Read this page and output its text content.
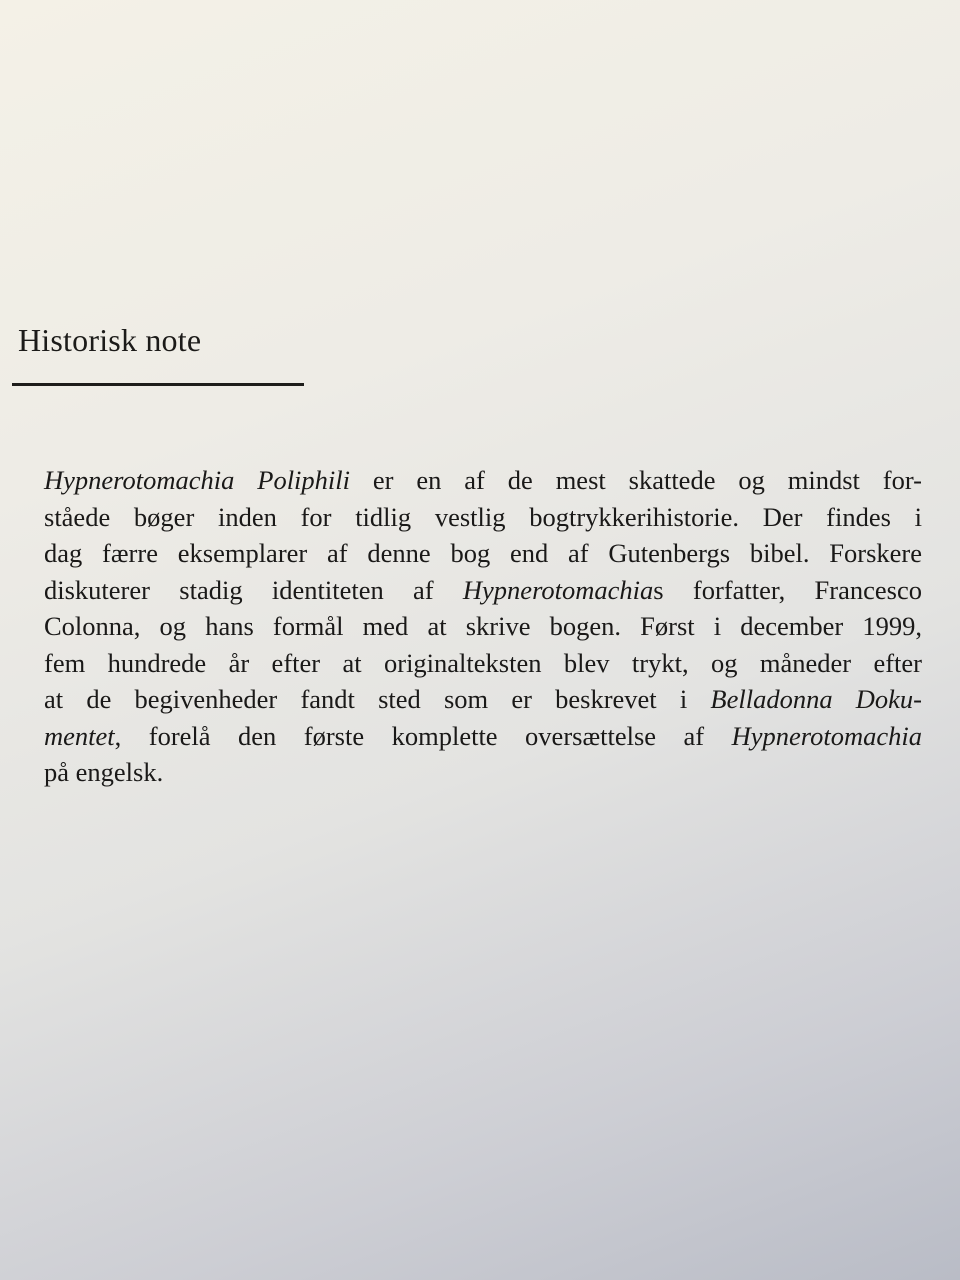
Historisk note

Hypnerotomachia Poliphili er en af de mest skattede og mindst for-
ståede bøger inden for tidlig vestlig bogtrykkerihistorie. Der findes i
dag færre eksemplarer af denne bog end af Gutenbergs bibel. Forskere
diskuterer stadig identiteten af Hypnerotomachias forfatter, Francesco
Colonna, og hans formål med at skrive bogen. Først i december 1999,
fem hundrede år efter at originalteksten blev trykt, og måneder efter
at de begivenheder fandt sted som er beskrevet i Belladonna Doku-
mentet, forelå den første komplette oversættelse af Hypnerotomachia
på engelsk.
